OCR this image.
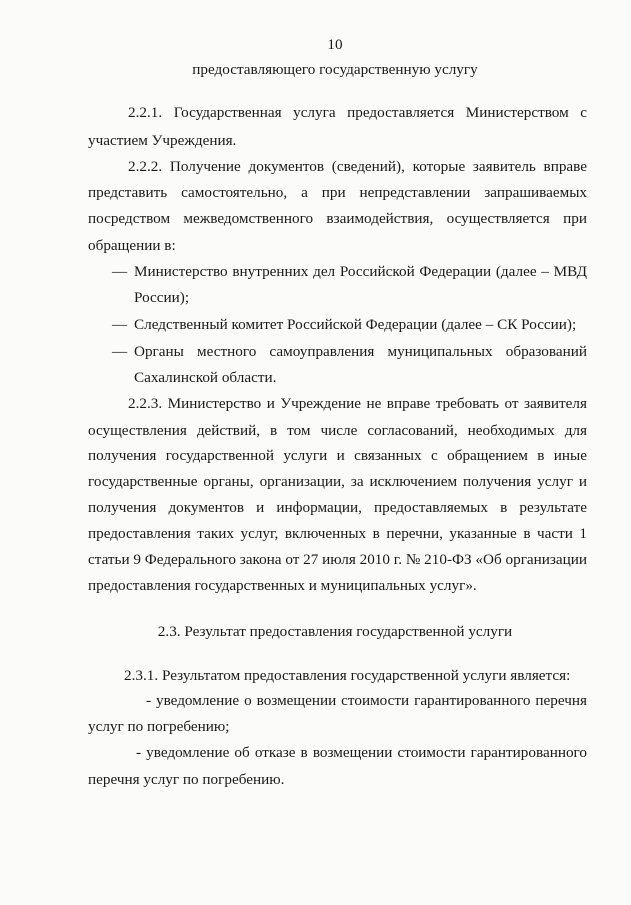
10
предоставляющего государственную услугу
2.2.1. Государственная услуга предоставляется Министерством с
участием Учреждения.
2.2.2. Получение документов (сведений), которые заявитель вправе
представить самостоятельно, а при непредставлении запрашиваемых
посредством межведомственного взаимодействия, осуществляется при
обращении в:
— Министерство внутренних дел Российской Федерации (далее – МВД
России);
— Следственный комитет Российской Федерации (далее – СК России);
— Органы местного самоуправления муниципальных образований
Сахалинской области.
2.2.3. Министерство и Учреждение не вправе требовать от заявителя
осуществления действий, в том числе согласований, необходимых для
получения государственной услуги и связанных с обращением в иные
государственные органы, организации, за исключением получения услуг и
получения документов и информации, предоставляемых в результате
предоставления таких услуг, включенных в перечни, указанные в части 1
статьи 9 Федерального закона от 27 июля 2010 г. № 210-ФЗ «Об организации
предоставления государственных и муниципальных услуг».
2.3. Результат предоставления государственной услуги
2.3.1. Результатом предоставления государственной услуги является:
- уведомление о возмещении стоимости гарантированного перечня
услуг по погребению;
- уведомление об отказе в возмещении стоимости гарантированного
перечня услуг по погребению.
